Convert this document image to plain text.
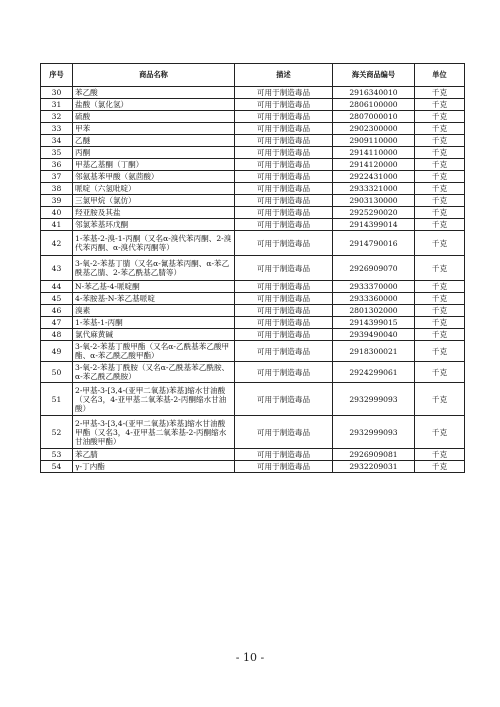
序号	商品名称	描述	海关商品编号	单位
30	苯乙酸	可用于制造毒品	2916340010	千克
31	盐酸（氯化氢）	可用于制造毒品	2806100000	千克
32	硫酸	可用于制造毒品	2807000010	千克
33	甲苯	可用于制造毒品	2902300000	千克
34	乙醚	可用于制造毒品	2909110000	千克
35	丙酮	可用于制造毒品	2914110000	千克
36	甲基乙基酮（丁酮）	可用于制造毒品	2914120000	千克
37	邻氨基苯甲酸（氨茴酸）	可用于制造毒品	2922431000	千克
38	哌啶（六氢吡啶）	可用于制造毒品	2933321000	千克
39	三氯甲烷（氯仿）	可用于制造毒品	2903130000	千克
40	羟亚胺及其盐	可用于制造毒品	2925290020	千克
41	邻氯苯基环戊酮	可用于制造毒品	2914399014	千克
42	1-苯基-2-溴-1-丙酮（又名α-溴代苯丙酮、2-溴代苯丙酮、α-溴代苯丙酮等）	可用于制造毒品	2914790016	千克
43	3-氧-2-苯基丁腈（又名α-氰基苯丙酮、α-苯乙酰基乙腈、2-苯乙酰基乙腈等）	可用于制造毒品	2926909070	千克
44	N-苯乙基-4-哌啶酮	可用于制造毒品	2933370000	千克
45	4-苯胺基-N-苯乙基哌啶	可用于制造毒品	2933360000	千克
46	溴素	可用于制造毒品	2801302000	千克
47	1-苯基-1-丙酮	可用于制造毒品	2914399015	千克
48	氯代麻黄碱	可用于制造毒品	2939490040	千克
49	3-氧-2-苯基丁酸甲酯（又名α-乙酰基苯乙酸甲酯、α-苯乙酰乙酸甲酯）	可用于制造毒品	2918300021	千克
50	3-氧-2-苯基丁酰胺（又名α-乙酰基苯乙酰胺、α-苯乙酰乙酰胺）	可用于制造毒品	2924299061	千克
51	2-甲基-3-[3,4-(亚甲二氧基)苯基]缩水甘油酸（又名3，4-亚甲基二氧苯基-2-丙酮缩水甘油酸）	可用于制造毒品	2932999093	千克
52	2-甲基-3-[3,4-(亚甲二氧基)苯基]缩水甘油酸甲酯（又名3，4-亚甲基二氧苯基-2-丙酮缩水甘油酸甲酯）	可用于制造毒品	2932999093	千克
53	苯乙腈	可用于制造毒品	2926909081	千克
54	γ-丁内酯	可用于制造毒品	2932209031	千克
- 10 -
